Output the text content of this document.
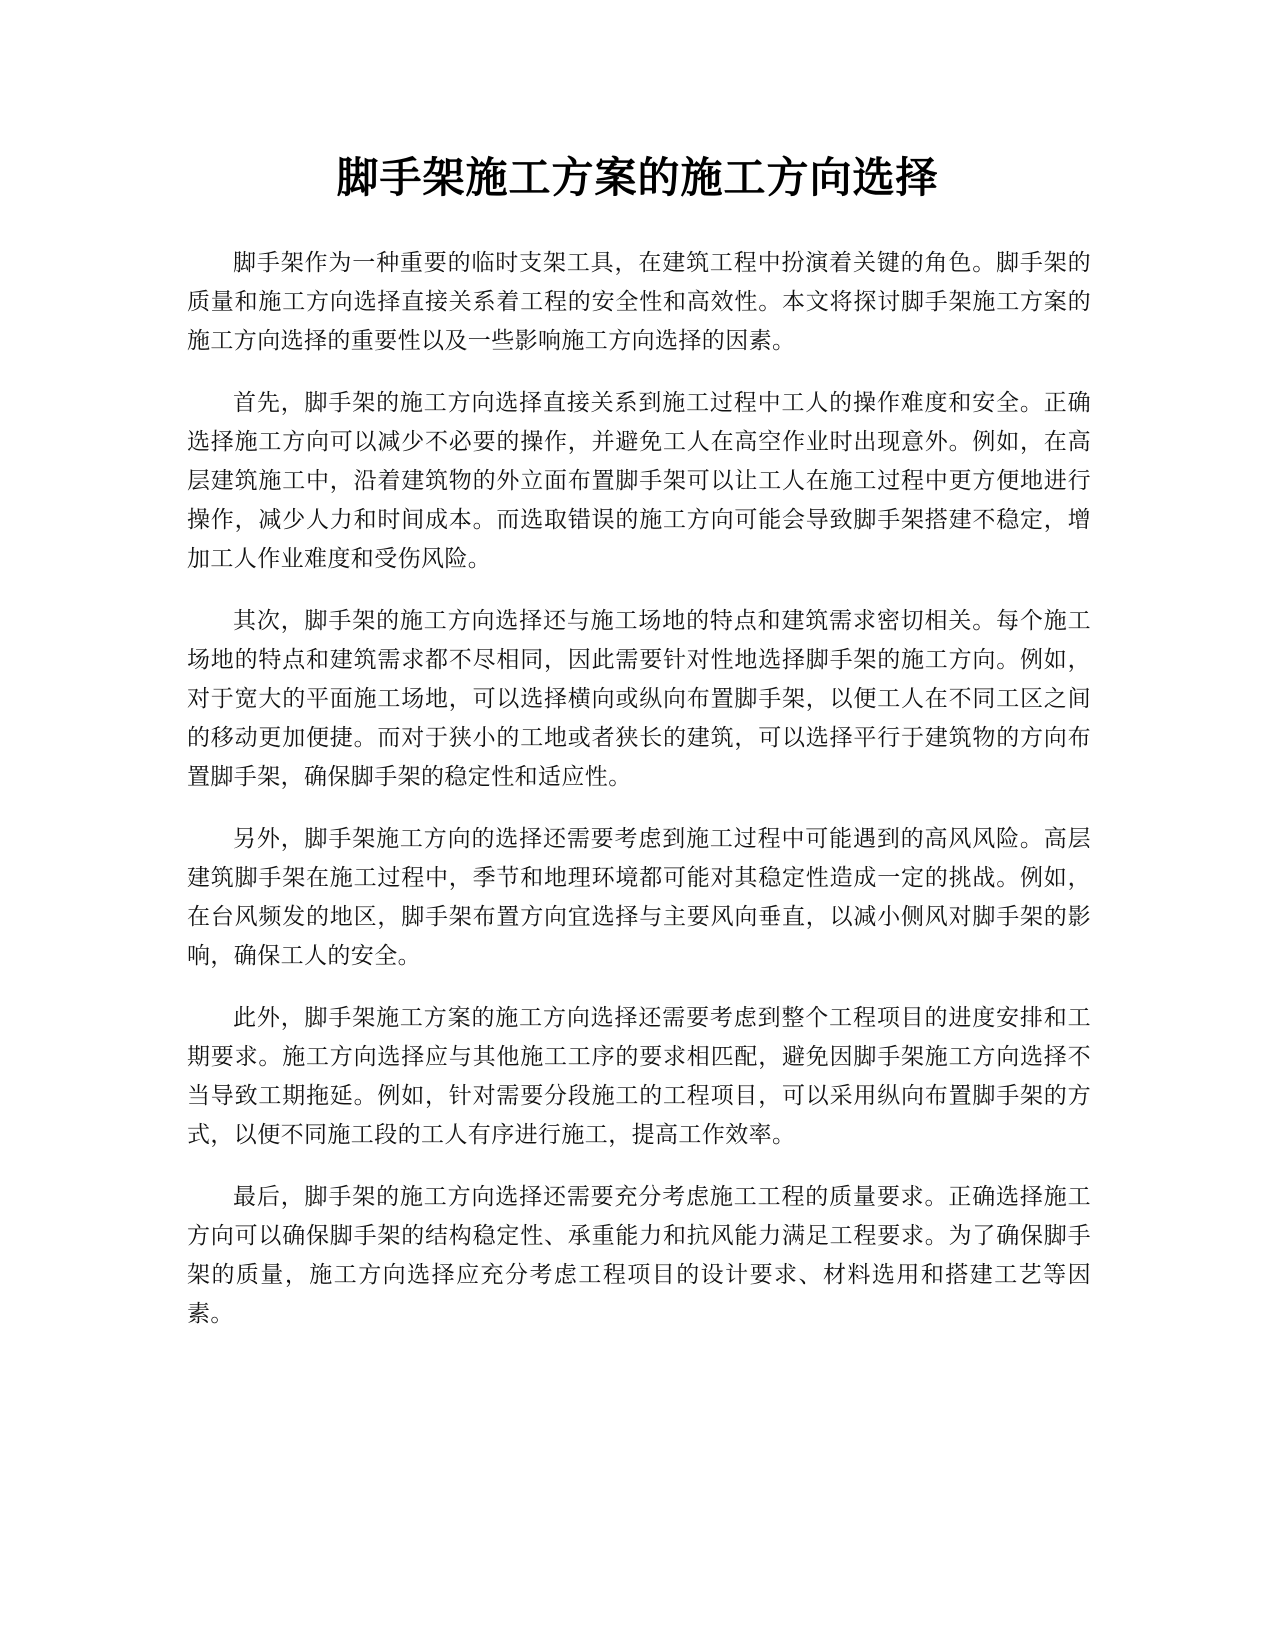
脚手架施工方案的施工方向选择

脚手架作为一种重要的临时支架工具，在建筑工程中扮演着关键的角色。脚手架的质量和施工方向选择直接关系着工程的安全性和高效性。本文将探讨脚手架施工方案的施工方向选择的重要性以及一些影响施工方向选择的因素。

首先，脚手架的施工方向选择直接关系到施工过程中工人的操作难度和安全。正确选择施工方向可以减少不必要的操作，并避免工人在高空作业时出现意外。例如，在高层建筑施工中，沿着建筑物的外立面布置脚手架可以让工人在施工过程中更方便地进行操作，减少人力和时间成本。而选取错误的施工方向可能会导致脚手架搭建不稳定，增加工人作业难度和受伤风险。

其次，脚手架的施工方向选择还与施工场地的特点和建筑需求密切相关。每个施工场地的特点和建筑需求都不尽相同，因此需要针对性地选择脚手架的施工方向。例如，对于宽大的平面施工场地，可以选择横向或纵向布置脚手架，以便工人在不同工区之间的移动更加便捷。而对于狭小的工地或者狭长的建筑，可以选择平行于建筑物的方向布置脚手架，确保脚手架的稳定性和适应性。

另外，脚手架施工方向的选择还需要考虑到施工过程中可能遇到的高风风险。高层建筑脚手架在施工过程中，季节和地理环境都可能对其稳定性造成一定的挑战。例如，在台风频发的地区，脚手架布置方向宜选择与主要风向垂直，以减小侧风对脚手架的影响，确保工人的安全。

此外，脚手架施工方案的施工方向选择还需要考虑到整个工程项目的进度安排和工期要求。施工方向选择应与其他施工工序的要求相匹配，避免因脚手架施工方向选择不当导致工期拖延。例如，针对需要分段施工的工程项目，可以采用纵向布置脚手架的方式，以便不同施工段的工人有序进行施工，提高工作效率。

最后，脚手架的施工方向选择还需要充分考虑施工工程的质量要求。正确选择施工方向可以确保脚手架的结构稳定性、承重能力和抗风能力满足工程要求。为了确保脚手架的质量，施工方向选择应充分考虑工程项目的设计要求、材料选用和搭建工艺等因素。
